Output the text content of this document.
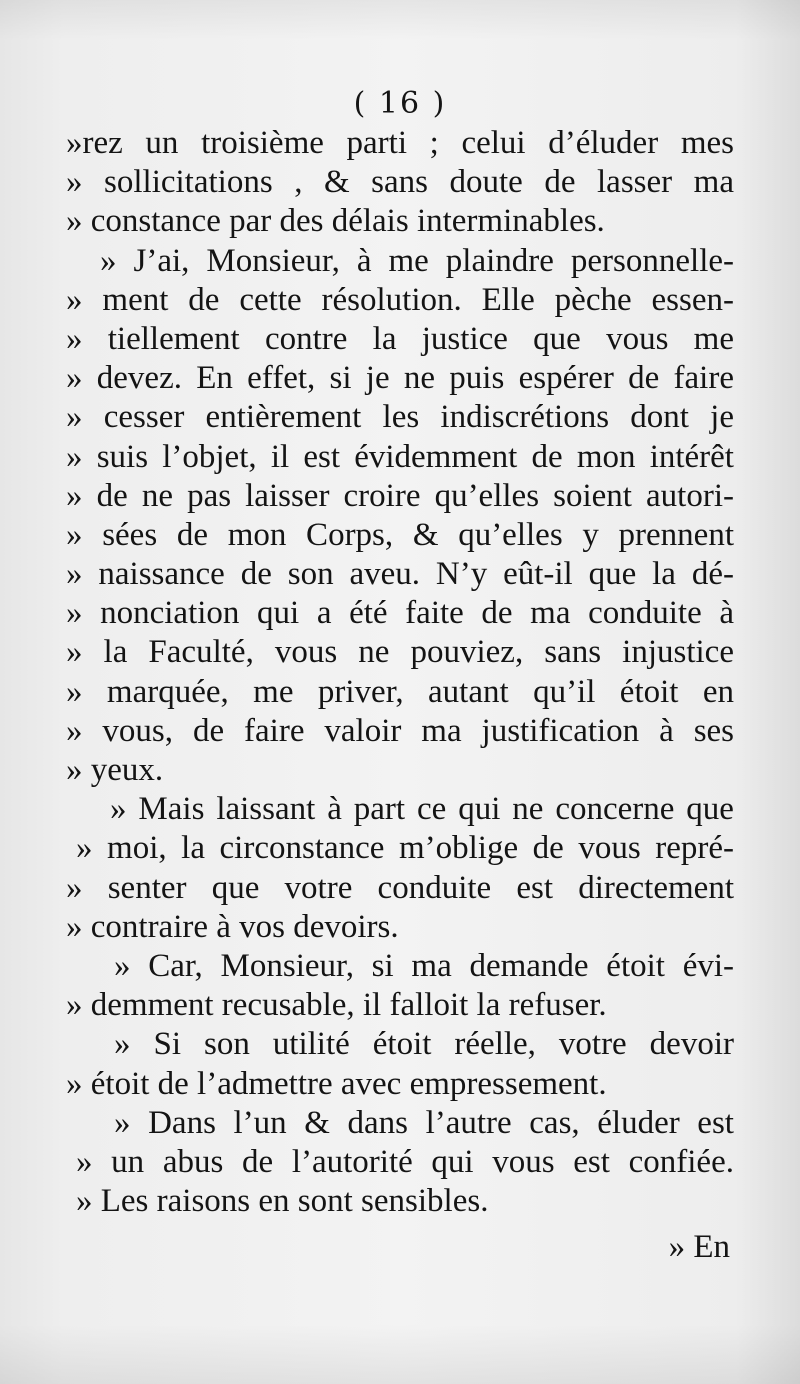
( 16 )
»rez un troisième parti ; celui d’éluder mes
» sollicitations , & sans doute de lasser ma
» constance par des délais interminables.
» J’ai, Monsieur, à me plaindre personnelle-
» ment de cette résolution. Elle pèche essen-
» tiellement contre la justice que vous me
» devez. En effet, si je ne puis espérer de faire
» cesser entièrement les indiscrétions dont je
» suis l’objet, il est évidemment de mon intérêt
» de ne pas laisser croire qu’elles soient autori-
» sées de mon Corps, & qu’elles y prennent
» naissance de son aveu. N’y eût-il que la dé-
» nonciation qui a été faite de ma conduite à
» la Faculté, vous ne pouviez, sans injustice
» marquée, me priver, autant qu’il étoit en
» vous, de faire valoir ma justification à ses
» yeux.
» Mais laissant à part ce qui ne concerne que
» moi, la circonstance m’oblige de vous repré-
» senter que votre conduite est directement
» contraire à vos devoirs.
» Car, Monsieur, si ma demande étoit évi-
» demment recusable, il falloit la refuser.
» Si son utilité étoit réelle, votre devoir
» étoit de l’admettre avec empressement.
» Dans l’un & dans l’autre cas, éluder est
» un abus de l’autorité qui vous est confiée.
» Les raisons en sont sensibles.
» En
